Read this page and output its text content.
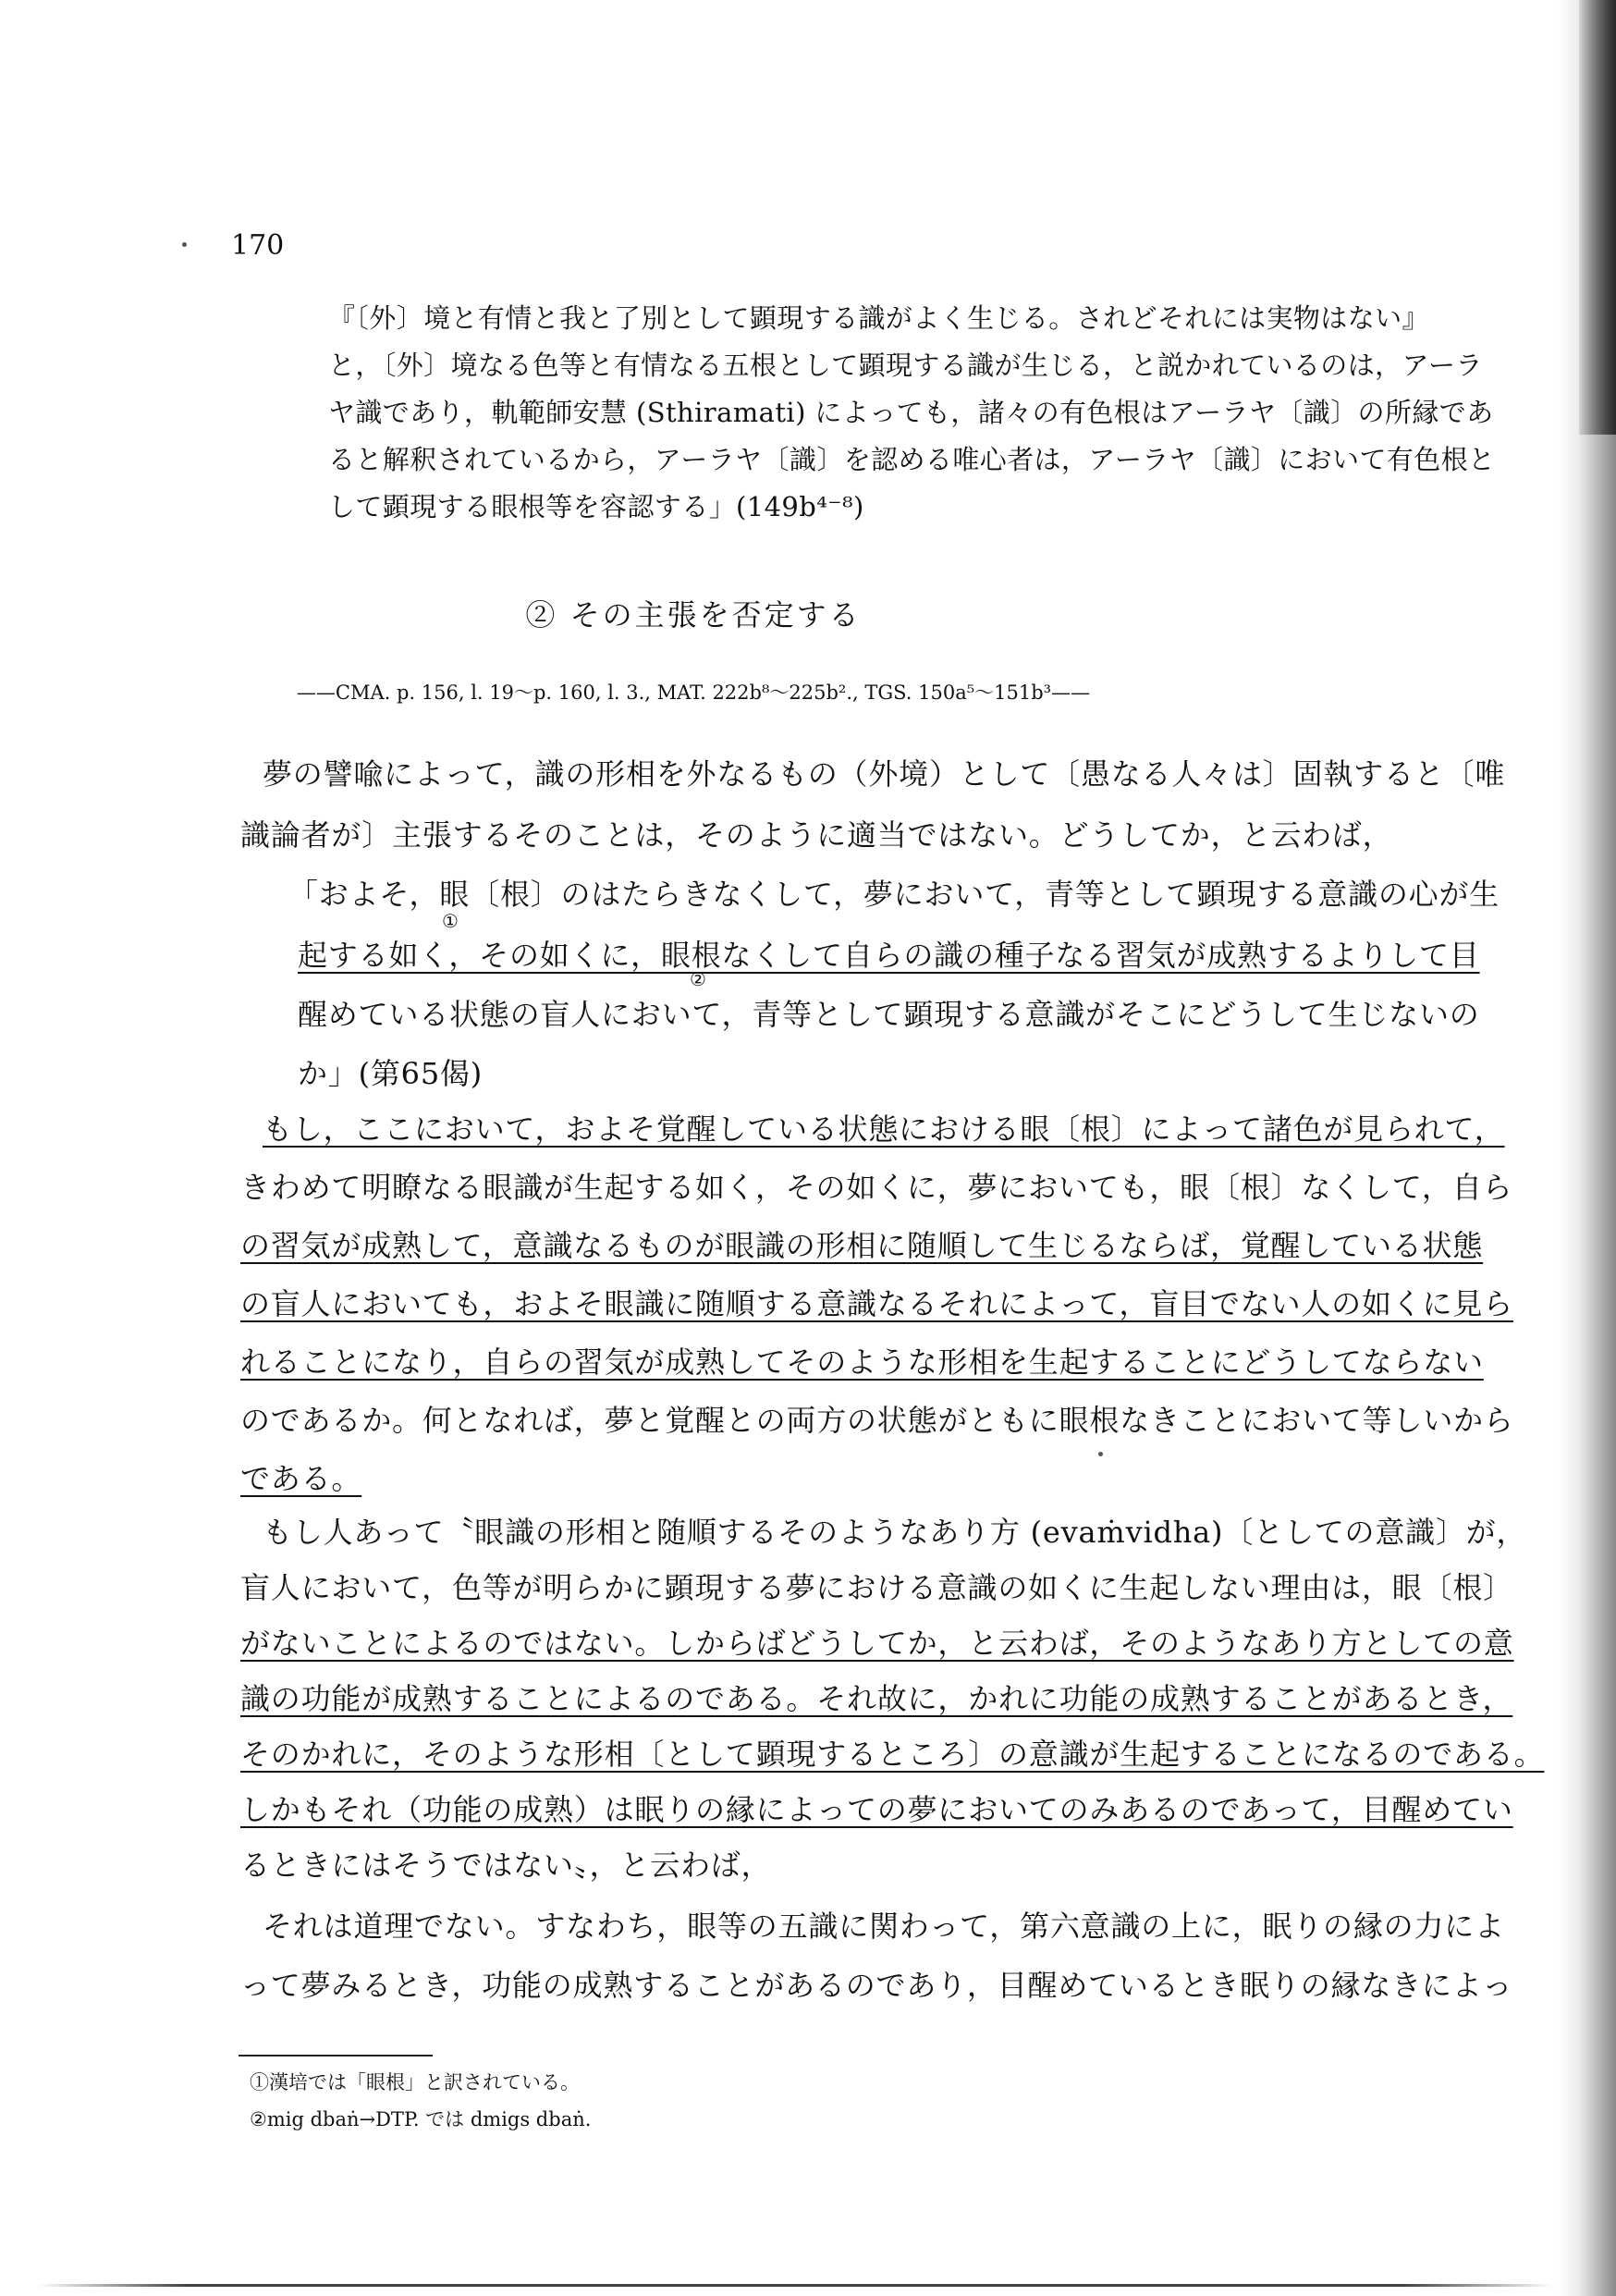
170
『〔外〕境と有情と我と了別として顕現する識がよく生じる。されどそれには実物はない』
と，〔外〕境なる色等と有情なる五根として顕現する識が生じる，と説かれているのは，アーラ
ヤ識であり，軌範師安慧 (Sthiramati) によっても，諸々の有色根はアーラヤ〔識〕の所縁であ
ると解釈されているから，アーラヤ〔識〕を認める唯心者は，アーラヤ〔識〕において有色根と
して顕現する眼根等を容認する」(149b⁴⁻⁸)
② その主張を否定する
——CMA. p. 156, l. 19～p. 160, l. 3., MAT. 222b⁸～225b²., TGS. 150a⁵～151b³——
夢の譬喩によって，識の形相を外なるもの（外境）として〔愚なる人々は〕固執すると〔唯
識論者が〕主張するそのことは，そのように適当ではない。どうしてか，と云わば，
「およそ，眼〔根〕のはたらきなくして，夢において，青等として顕現する意識の心が生
①
起する如く，その如くに，眼根なくして自らの識の種子なる習気が成熟するよりして目
②
醒めている状態の盲人において，青等として顕現する意識がそこにどうして生じないの
か」(第65偈)
もし，ここにおいて，およそ覚醒している状態における眼〔根〕によって諸色が見られて，
きわめて明瞭なる眼識が生起する如く，その如くに，夢においても，眼〔根〕なくして，自ら
の習気が成熟して，意識なるものが眼識の形相に随順して生じるならば，覚醒している状態
の盲人においても，およそ眼識に随順する意識なるそれによって，盲目でない人の如くに見ら
れることになり，自らの習気が成熟してそのような形相を生起することにどうしてならない
のであるか。何となれば，夢と覚醒との両方の状態がともに眼根なきことにおいて等しいから
である。
もし人あって〝眼識の形相と随順するそのようなあり方 (evaṁvidha)〔としての意識〕が，
盲人において，色等が明らかに顕現する夢における意識の如くに生起しない理由は，眼〔根〕
がないことによるのではない。しからばどうしてか，と云わば，そのようなあり方としての意
識の功能が成熟することによるのである。それ故に，かれに功能の成熟することがあるとき，
そのかれに，そのような形相〔として顕現するところ〕の意識が生起することになるのである。
しかもそれ（功能の成熟）は眠りの縁によっての夢においてのみあるのであって，目醒めてい
るときにはそうではない〟，と云わば，
それは道理でない。すなわち，眼等の五識に関わって，第六意識の上に，眠りの縁の力によ
って夢みるとき，功能の成熟することがあるのであり，目醒めているとき眠りの縁なきによっ
①漢培では「眼根」と訳されている。
②mig dbaṅ→DTP. では dmigs dbaṅ.
